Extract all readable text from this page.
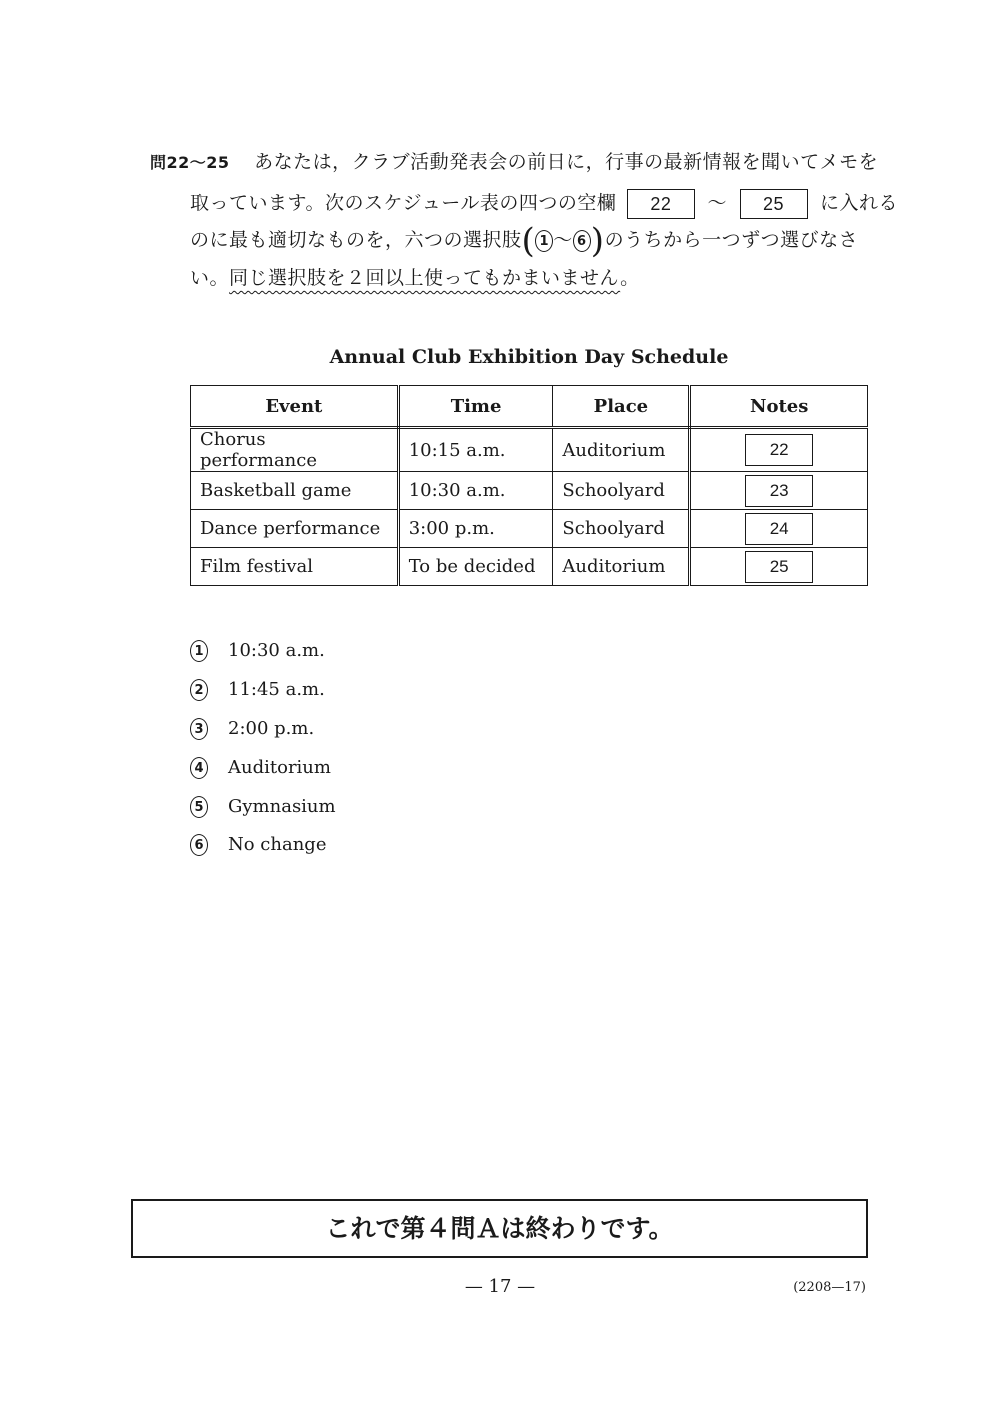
問22～25 あなたは，クラブ活動発表会の前日に，行事の最新情報を聞いてメモを
取っています。次のスケジュール表の四つの空欄 22 ～ 25 に入れる
のに最も適切なものを，六つの選択肢( 1 ～ 6 )のうちから一つずつ選びなさ
い。同じ選択肢を２回以上使ってもかまいません。
Annual Club Exhibition Day Schedule
Event	Time	Place	Notes
Chorus performance	10:15 a.m.	Auditorium	22
Basketball game	10:30 a.m.	Schoolyard	23
Dance performance	3:00 p.m.	Schoolyard	24
Film festival	To be decided	Auditorium	25
1 10:30 a.m.
2 11:45 a.m.
3 2:00 p.m.
4 Auditorium
5 Gymnasium
6 No change
これで第４問Ａは終わりです。
— 17 —	(2208—17)
